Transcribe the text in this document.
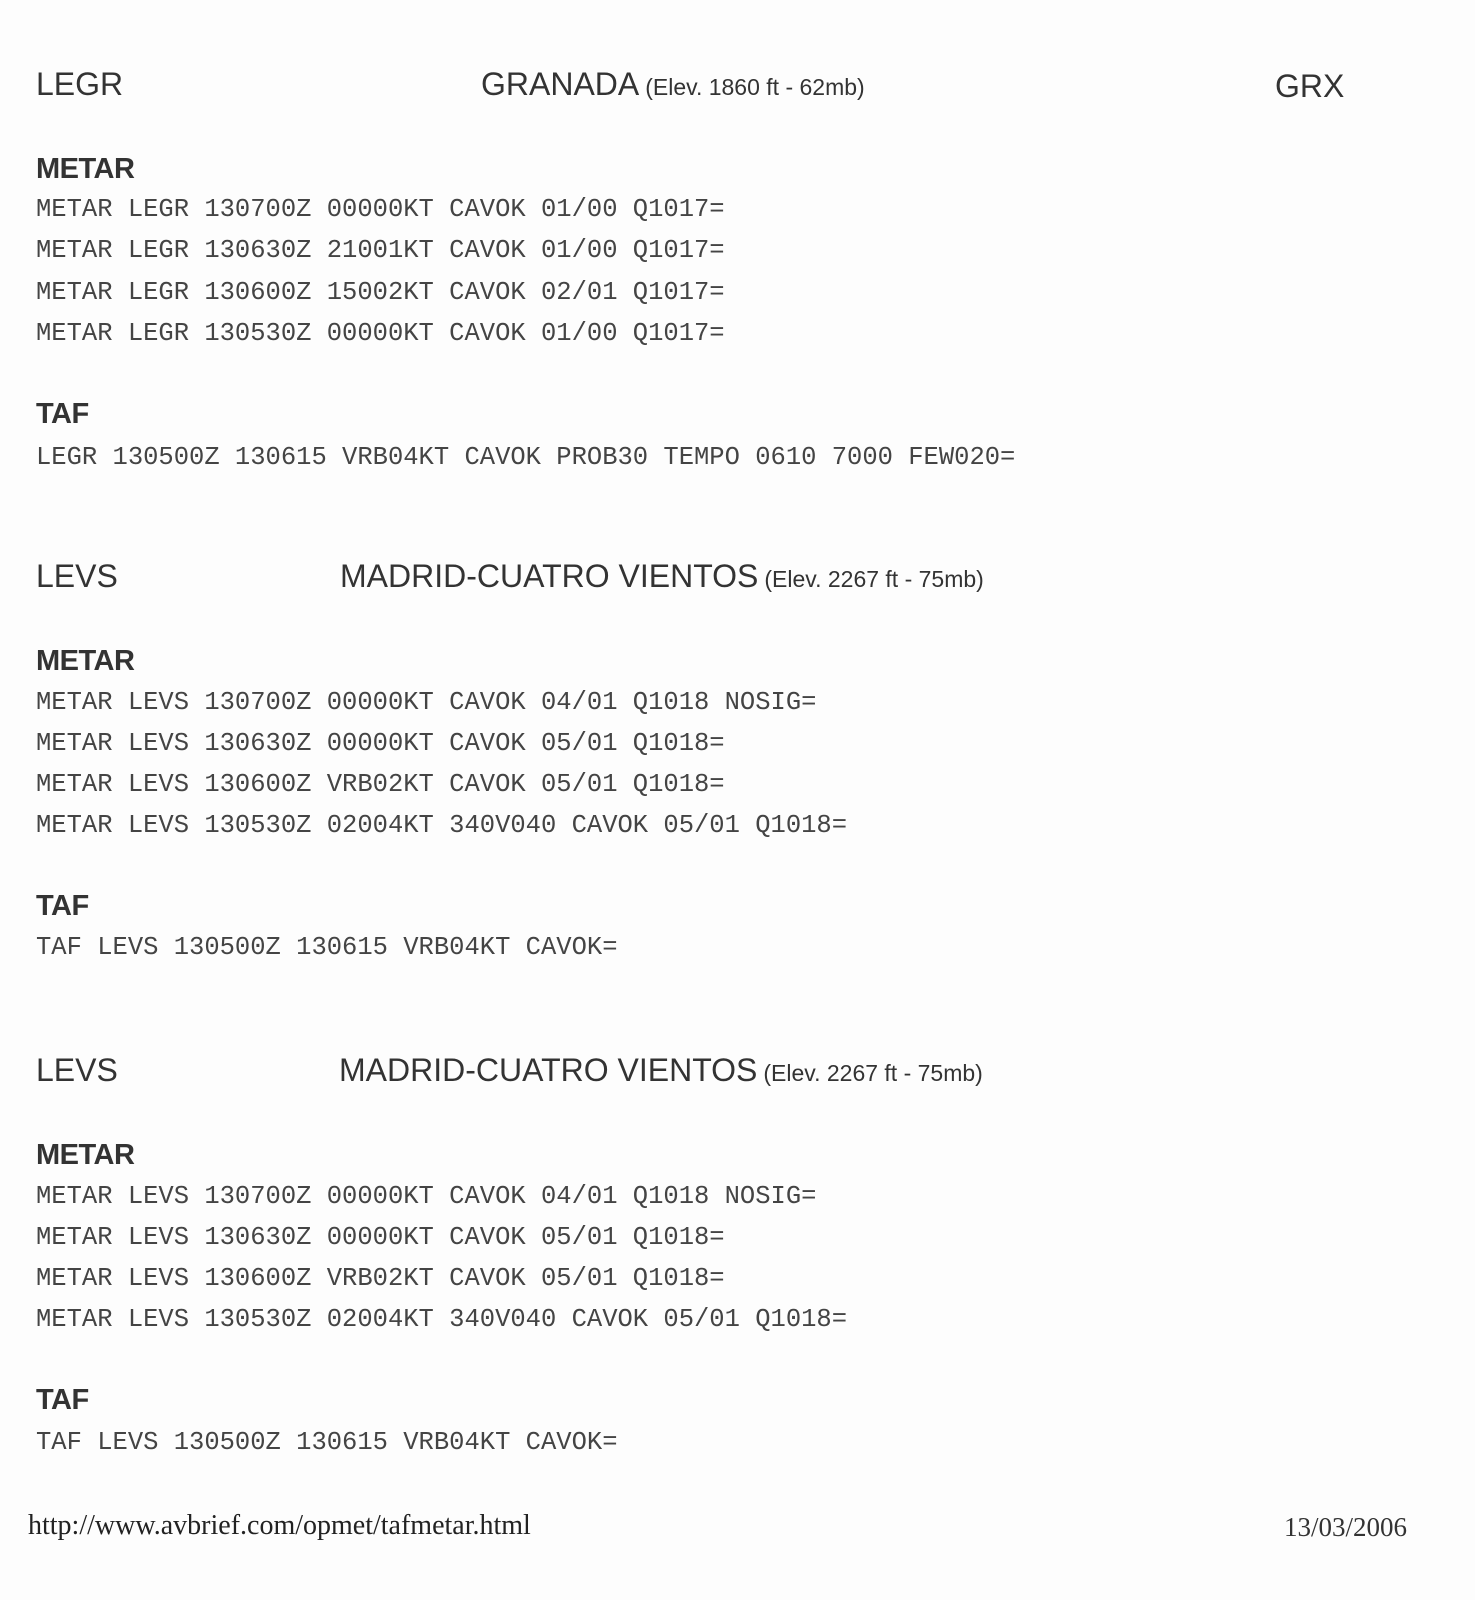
LEGR	GRANADA (Elev. 1860 ft - 62mb)	GRX
METAR
METAR LEGR 130700Z 00000KT CAVOK 01/00 Q1017=
METAR LEGR 130630Z 21001KT CAVOK 01/00 Q1017=
METAR LEGR 130600Z 15002KT CAVOK 02/01 Q1017=
METAR LEGR 130530Z 00000KT CAVOK 01/00 Q1017=
TAF
LEGR 130500Z 130615 VRB04KT CAVOK PROB30 TEMPO 0610 7000 FEW020=
LEVS	MADRID-CUATRO VIENTOS (Elev. 2267 ft - 75mb)
METAR
METAR LEVS 130700Z 00000KT CAVOK 04/01 Q1018 NOSIG=
METAR LEVS 130630Z 00000KT CAVOK 05/01 Q1018=
METAR LEVS 130600Z VRB02KT CAVOK 05/01 Q1018=
METAR LEVS 130530Z 02004KT 340V040 CAVOK 05/01 Q1018=
TAF
TAF LEVS 130500Z 130615 VRB04KT CAVOK=
LEVS	MADRID-CUATRO VIENTOS (Elev. 2267 ft - 75mb)
METAR
METAR LEVS 130700Z 00000KT CAVOK 04/01 Q1018 NOSIG=
METAR LEVS 130630Z 00000KT CAVOK 05/01 Q1018=
METAR LEVS 130600Z VRB02KT CAVOK 05/01 Q1018=
METAR LEVS 130530Z 02004KT 340V040 CAVOK 05/01 Q1018=
TAF
TAF LEVS 130500Z 130615 VRB04KT CAVOK=
http://www.avbrief.com/opmet/tafmetar.html	13/03/2006
